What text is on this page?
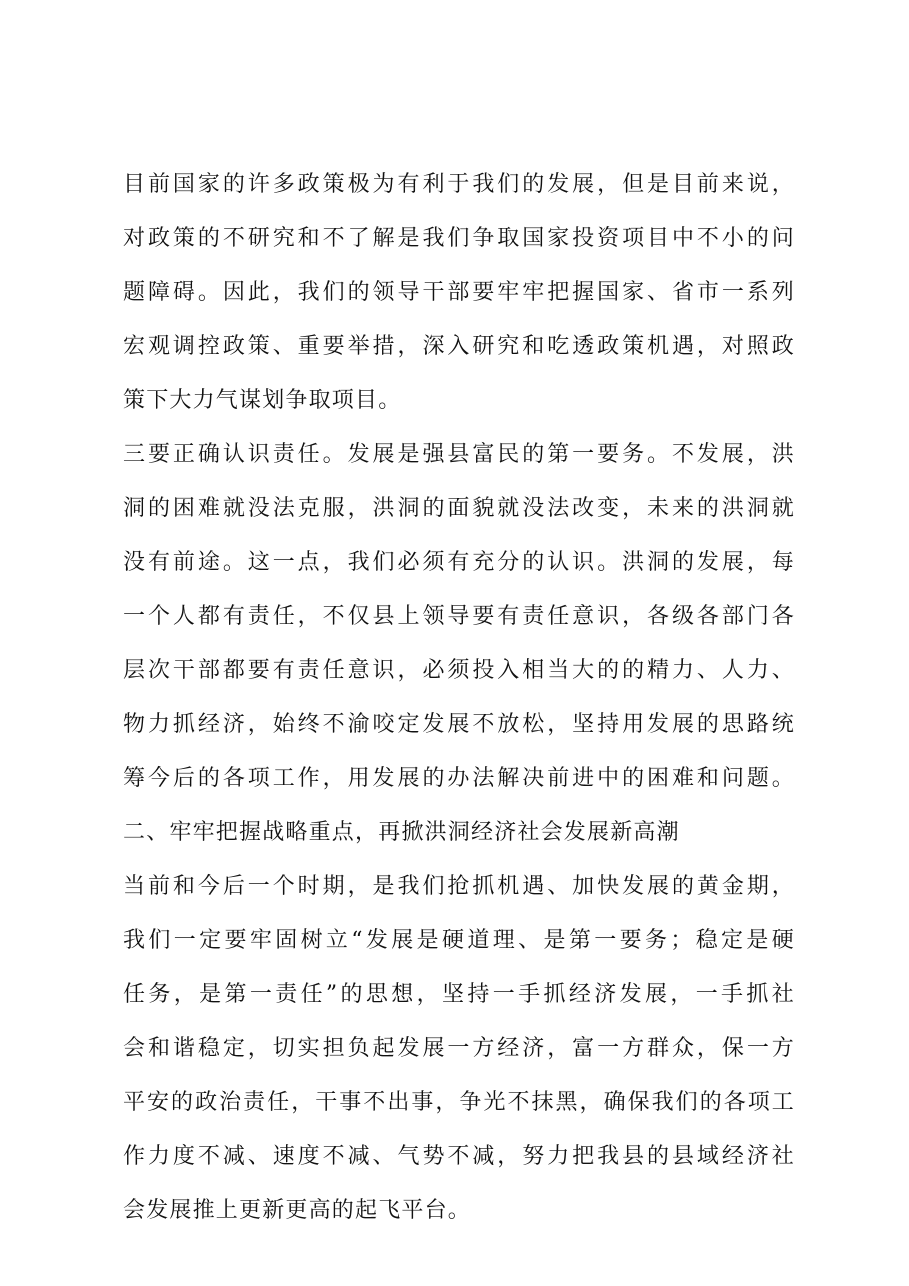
目前国家的许多政策极为有利于我们的发展，但是目前来说，
对政策的不研究和不了解是我们争取国家投资项目中不小的问
题障碍。因此，我们的领导干部要牢牢把握国家、省市一系列
宏观调控政策、重要举措，深入研究和吃透政策机遇，对照政
策下大力气谋划争取项目。
三要正确认识责任。发展是强县富民的第一要务。不发展，洪
洞的困难就没法克服，洪洞的面貌就没法改变，未来的洪洞就
没有前途。这一点，我们必须有充分的认识。洪洞的发展，每
一个人都有责任，不仅县上领导要有责任意识，各级各部门各
层次干部都要有责任意识，必须投入相当大的的精力、人力、
物力抓经济，始终不渝咬定发展不放松，坚持用发展的思路统
筹今后的各项工作，用发展的办法解决前进中的困难和问题。
二、牢牢把握战略重点，再掀洪洞经济社会发展新高潮
当前和今后一个时期，是我们抢抓机遇、加快发展的黄金期，
我们一定要牢固树立“发展是硬道理、是第一要务；稳定是硬
任务，是第一责任”的思想，坚持一手抓经济发展，一手抓社
会和谐稳定，切实担负起发展一方经济，富一方群众，保一方
平安的政治责任，干事不出事，争光不抹黑，确保我们的各项工
作力度不减、速度不减、气势不减，努力把我县的县域经济社
会发展推上更新更高的起飞平台。
